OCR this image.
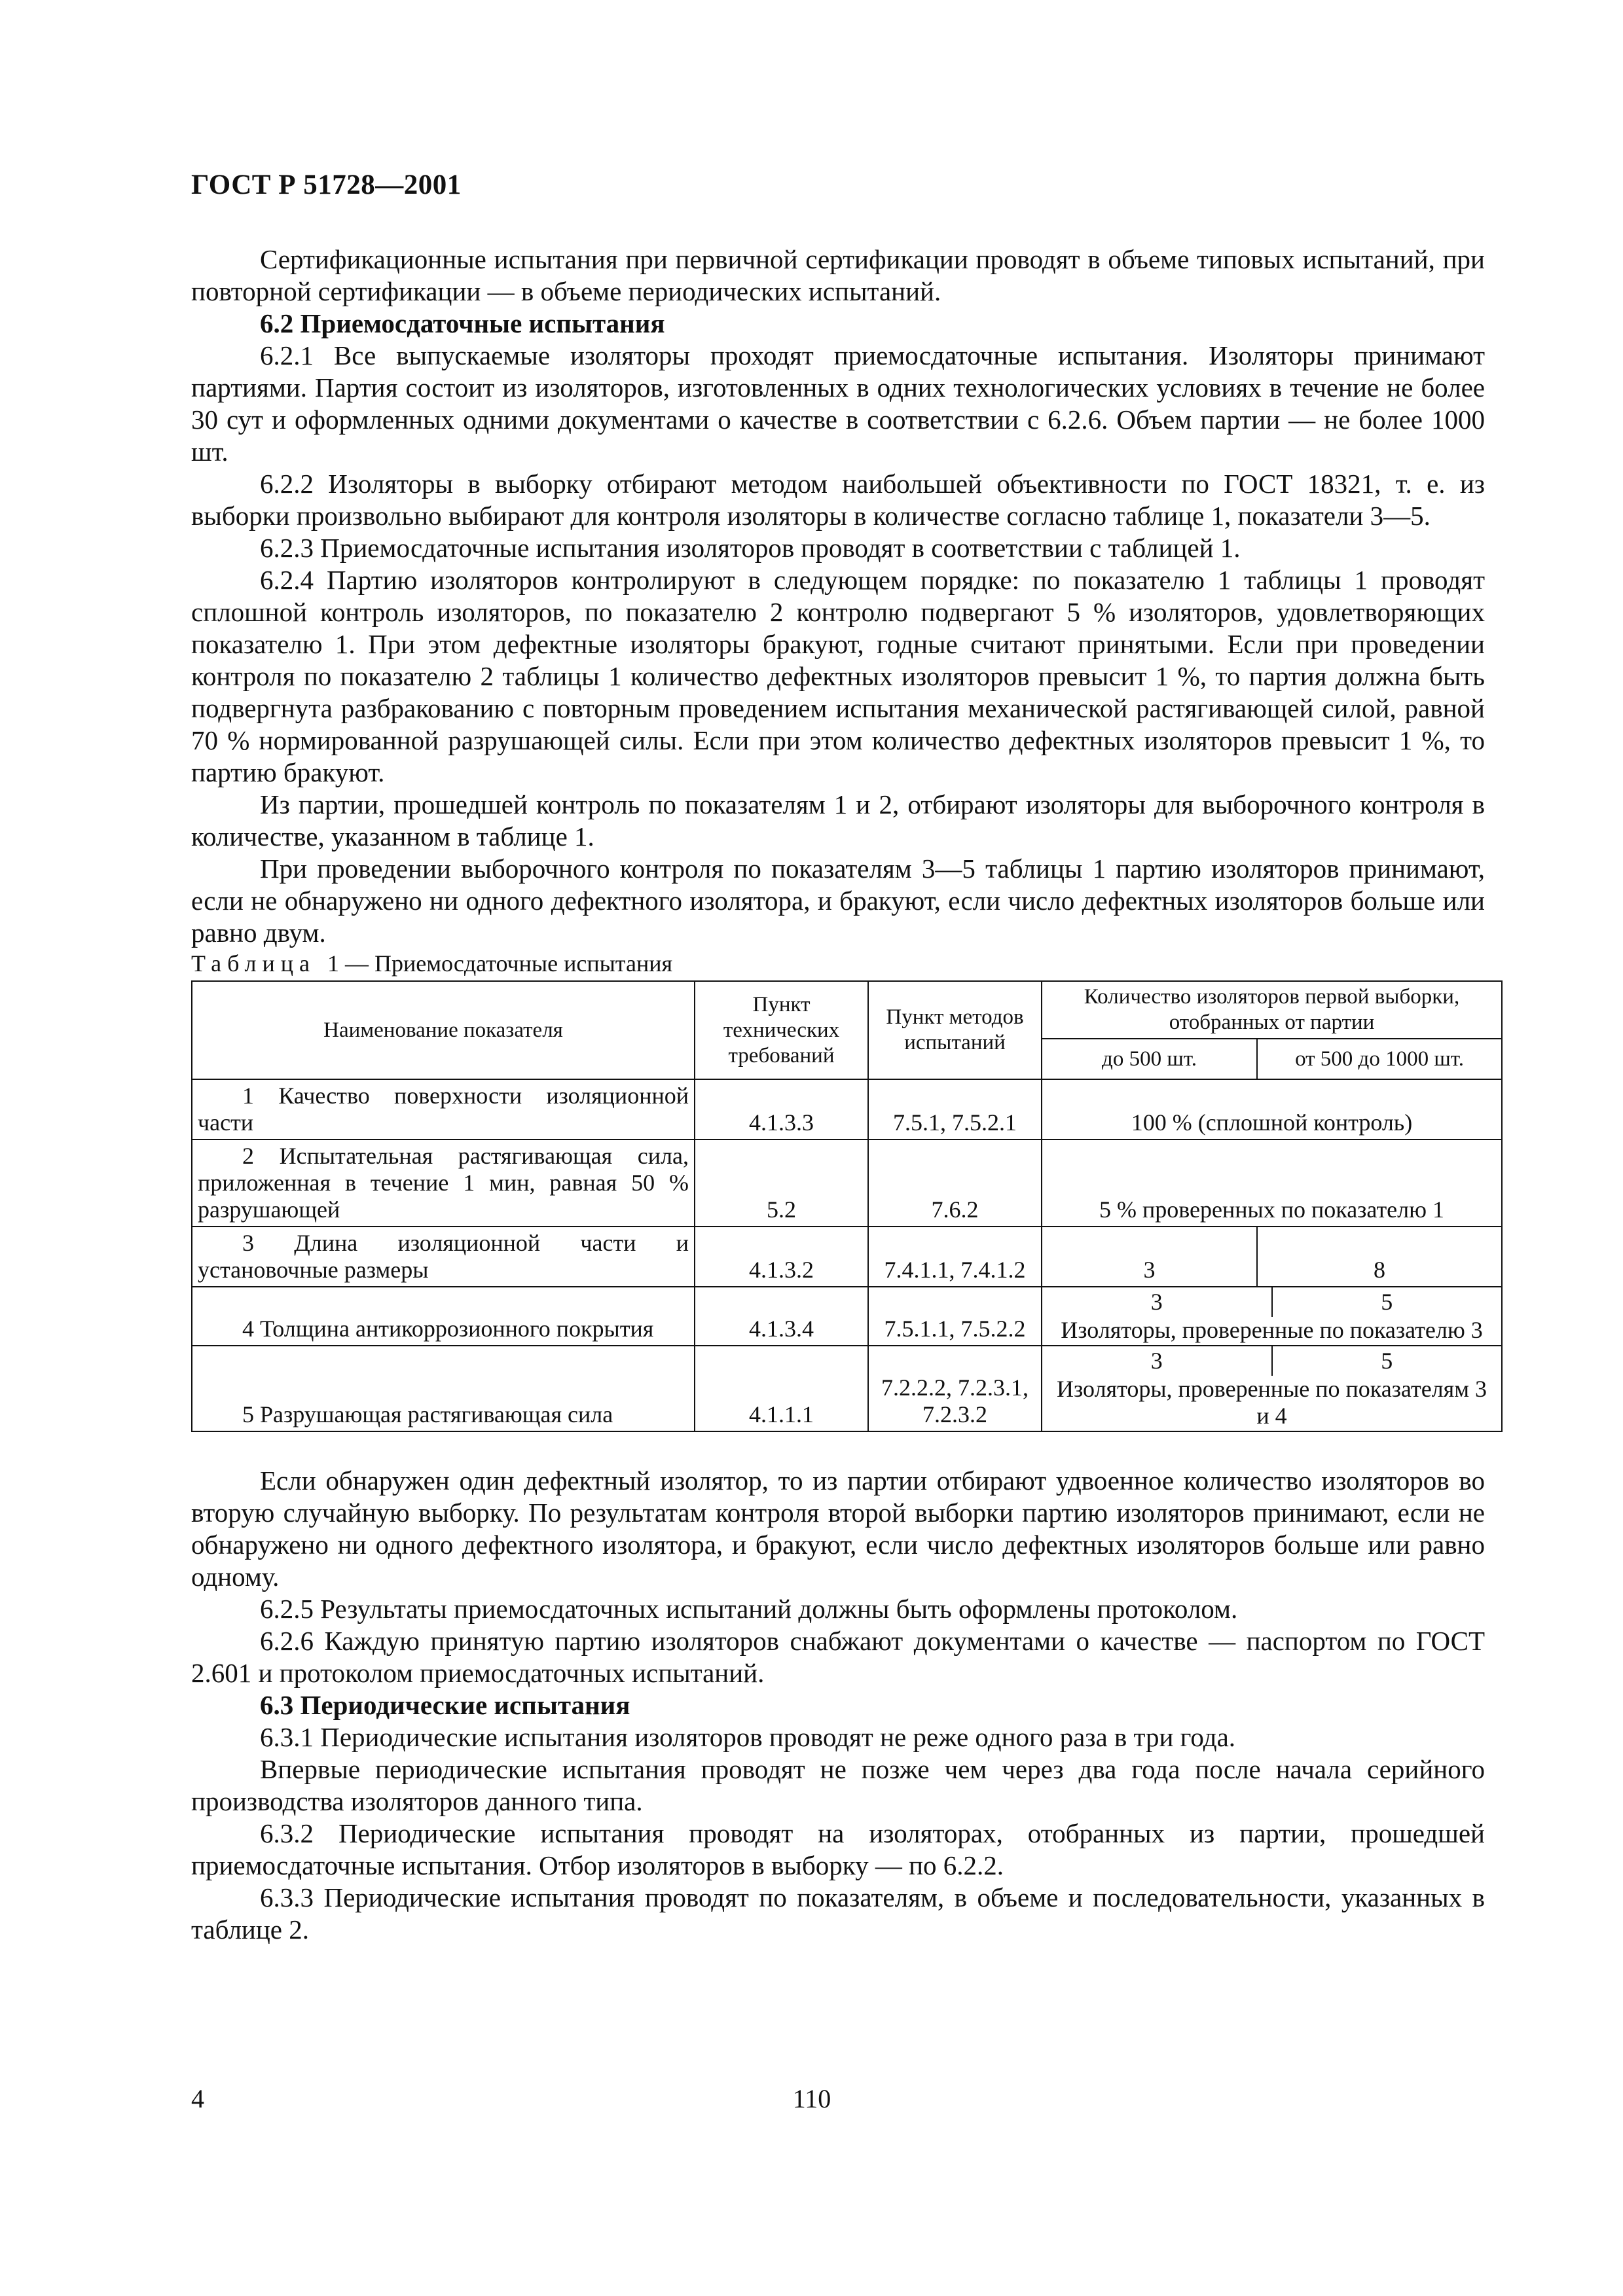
ГОСТ Р 51728—2001

Сертификационные испытания при первичной сертификации проводят в объеме типовых испытаний, при повторной сертификации — в объеме периодических испытаний.

6.2 Приемосдаточные испытания

6.2.1 Все выпускаемые изоляторы проходят приемосдаточные испытания. Изоляторы принимают партиями. Партия состоит из изоляторов, изготовленных в одних технологических условиях в течение не более 30 сут и оформленных одними документами о качестве в соответствии с 6.2.6. Объем партии — не более 1000 шт.

6.2.2 Изоляторы в выборку отбирают методом наибольшей объективности по ГОСТ 18321, т. е. из выборки произвольно выбирают для контроля изоляторы в количестве согласно таблице 1, показатели 3—5.

6.2.3 Приемосдаточные испытания изоляторов проводят в соответствии с таблицей 1.

6.2.4 Партию изоляторов контролируют в следующем порядке: по показателю 1 таблицы 1 проводят сплошной контроль изоляторов, по показателю 2 контролю подвергают 5 % изоляторов, удовлетворяющих показателю 1. При этом дефектные изоляторы бракуют, годные считают принятыми. Если при проведении контроля по показателю 2 таблицы 1 количество дефектных изоляторов превысит 1 %, то партия должна быть подвергнута разбракованию с повторным проведением испытания механической растягивающей силой, равной 70 % нормированной разрушающей силы. Если при этом количество дефектных изоляторов превысит 1 %, то партию бракуют.

Из партии, прошедшей контроль по показателям 1 и 2, отбирают изоляторы для выборочного контроля в количестве, указанном в таблице 1.

При проведении выборочного контроля по показателям 3—5 таблицы 1 партию изоляторов принимают, если не обнаружено ни одного дефектного изолятора, и бракуют, если число дефектных изоляторов больше или равно двум.

Таблица 1 — Приемосдаточные испытания

Наименование показателя	Пункт технических требований	Пункт методов испытаний	Количество изоляторов первой выборки, отобранных от партии	
			до 500 шт.	от 500 до 1000 шт.
1 Качество поверхности изоляционной части	4.1.3.3	7.5.1, 7.5.2.1	100 % (сплошной контроль)	
2 Испытательная растягивающая сила, приложенная в течение 1 мин, равная 50 % разрушающей	5.2	7.6.2	5 % проверенных по показателю 1	
3 Длина изоляционной части и установочные размеры	4.1.3.2	7.4.1.1, 7.4.1.2	3	8
4 Толщина антикоррозионного покрытия	4.1.3.4	7.5.1.1, 7.5.2.2	3 5
Изоляторы, проверенные по показателю 3	

5 Разрушающая растягивающая сила	4.1.1.1	7.2.2.2, 7.2.3.1, 7.2.3.2	3 5
Изоляторы, проверенные по показателям 3 и 4	

Если обнаружен один дефектный изолятор, то из партии отбирают удвоенное количество изоляторов во вторую случайную выборку. По результатам контроля второй выборки партию изоляторов принимают, если не обнаружено ни одного дефектного изолятора, и бракуют, если число дефектных изоляторов больше или равно одному.

6.2.5 Результаты приемосдаточных испытаний должны быть оформлены протоколом.

6.2.6 Каждую принятую партию изоляторов снабжают документами о качестве — паспортом по ГОСТ 2.601 и протоколом приемосдаточных испытаний.

6.3 Периодические испытания

6.3.1 Периодические испытания изоляторов проводят не реже одного раза в три года.

Впервые периодические испытания проводят не позже чем через два года после начала серийного производства изоляторов данного типа.

6.3.2 Периодические испытания проводят на изоляторах, отобранных из партии, прошедшей приемосдаточные испытания. Отбор изоляторов в выборку — по 6.2.2.

6.3.3 Периодические испытания проводят по показателям, в объеме и последовательности, указанных в таблице 2.

4	110
